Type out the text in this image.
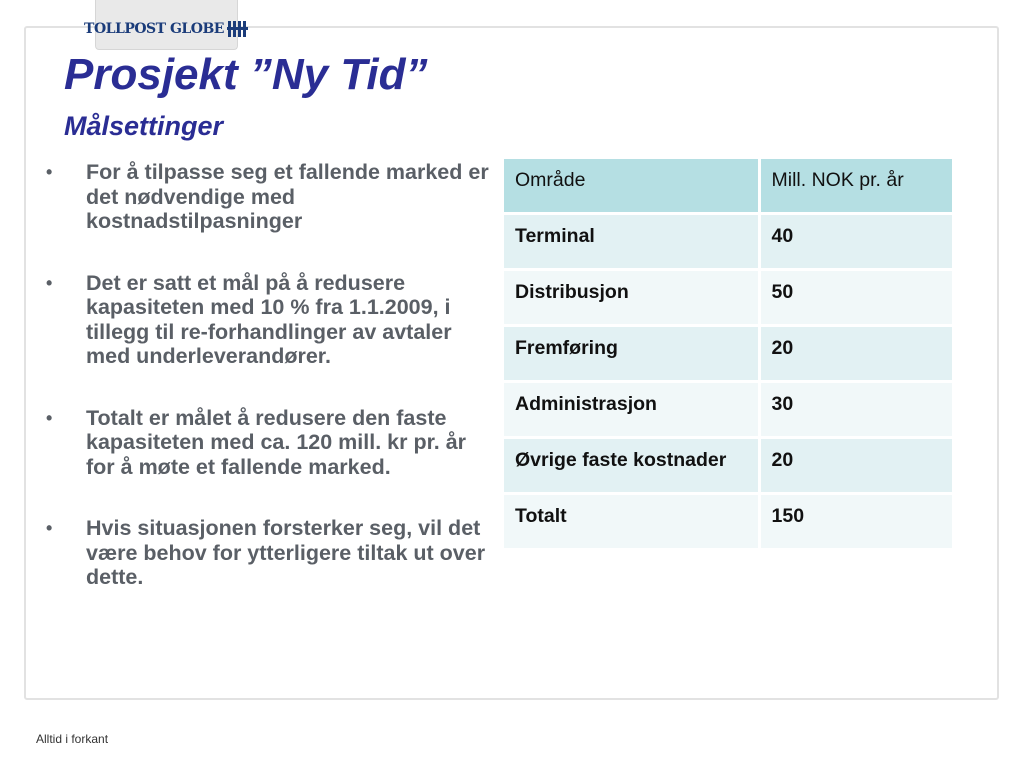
TOLLPOST GLOBE
Prosjekt ”Ny Tid”
Målsettinger
• For å tilpasse seg et fallende marked er det nødvendige med kostnadstilpasninger
• Det er satt et mål på å redusere kapasiteten med 10 % fra 1.1.2009, i tillegg til re-forhandlinger av avtaler med underleverandører.
• Totalt er målet å redusere den faste kapasiteten med ca. 120 mill. kr pr. år for å møte et fallende marked.
• Hvis situasjonen forsterker seg, vil det være behov for ytterligere tiltak ut over dette.
Område	Mill. NOK pr. år
Terminal	40
Distribusjon	50
Fremføring	20
Administrasjon	30
Øvrige faste kostnader	20
Totalt	150
Alltid i forkant
